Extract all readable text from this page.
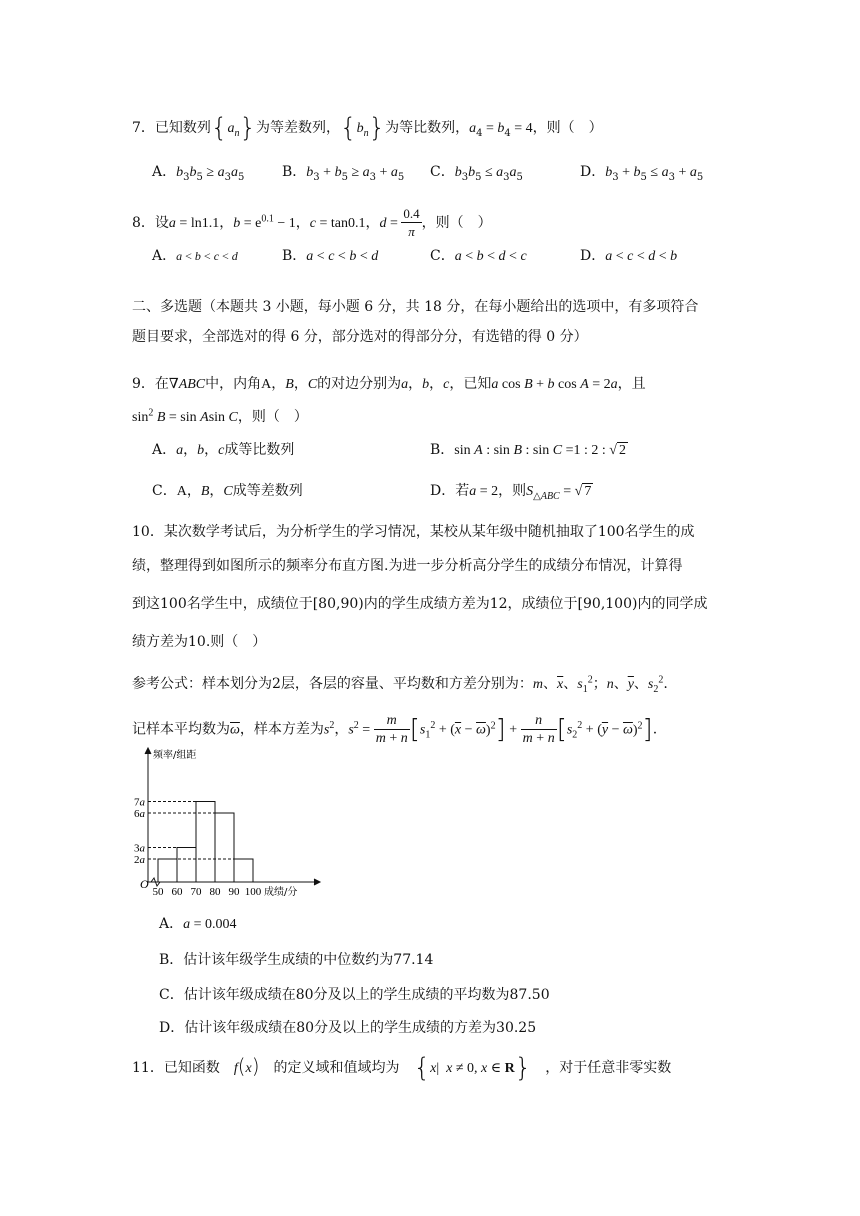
7．已知数列$\{a_n\}$为等差数列，$\{b_n\}$为等比数列，$a_4 = b_4 = 4$，则（　）
A．$b_3b_5 \ge a_3a_5$	B．$b_3 + b_5 \ge a_3 + a_5$ C．$b_3b_5 \le a_3a_5$	D．$b_3 + b_5 \le a_3 + a_5$
8．设a = ln1.1，$b = e^{0.1} - 1$，c = tan0.1，$d = \frac{0.4}{\pi}$ ，则（　）
A．a < b < c < d	B．a < c < b < d	C．a < b < d < c	D．a < c < d < b
二、多选题（本题共 3 小题，每小题 6 分，共 18 分，在每小题给出的选项中，有多项符合
题目要求，全部选对的得 6 分，部分选对的得部分分，有选错的得 0 分）
9．在∇ABC中，内角A，B，C的对边分别为a，b，c，已知a cos B + b cos A = 2a，且
$\sin^2 B = \sin Asin$ C，则（　）
A．a，b，c成等比数列	B．sin A : sin B : sin C =1 : 2 : √ 2
C．A，B，C成等差数列	D．若a = 2，则$S_{\triangle ABC}$ = √ 7
10．某次数学考试后，为分析学生的学习情况，某校从某年级中随机抽取了100名学生的成
绩，整理得到如图所示的频率分布直方图.为进一步分析高分学生的成绩分布情况，计算得
到这100名学生中，成绩位于[80,90)内的学生成绩方差为12，成绩位于[90,100)内的同学成
绩方差为10.则（　）
参考公式：样本划分为2层，各层的容量、平均数和方差分别为：m、$\overline{x}$、$s_1^2$；n、$\overline{y}$、$s_2^2$.
记样本平均数为$\overline{\omega}$，样本方差为$s^2$，$s^2 = \frac{m}{m + n} [s_1^2 + (\overline{x} - \overline{\omega})^2] + \frac{n}{m + n} [s_2^2 + (\overline{y} - \overline{\omega})^2]$.
2a
3a
6a
7a
50 60 70 80 90 100 成绩/分
频率/组距
O
A．a = 0.004
B．估计该年级学生成绩的中位数约为77.14
C．估计该年级成绩在80分及以上的学生成绩的平均数为87.50
D．估计该年级成绩在80分及以上的学生成绩的方差为30.25
11．已知函数　f(x)　的定义域和值域均为　{x|  x ≠ 0, x ∈ R}　，对于任意非零实数
